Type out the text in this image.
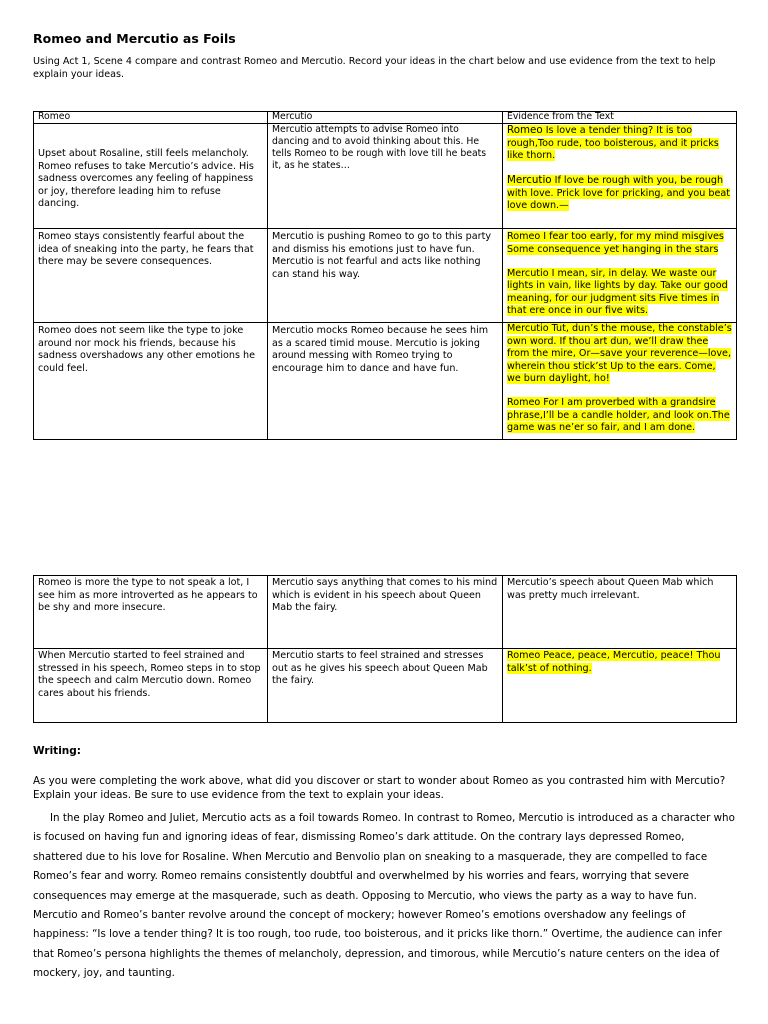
Romeo and Mercutio as Foils
Using Act 1, Scene 4 compare and contrast Romeo and Mercutio. Record your ideas in the chart below and use evidence from the text to help explain your ideas.
Romeo	Mercutio	Evidence from the Text
Upset about Rosaline, still feels melancholy. Romeo refuses to take Mercutio’s advice. His sadness overcomes any feeling of happiness or joy, therefore leading him to refuse dancing.	Mercutio attempts to advise Romeo into dancing and to avoid thinking about this. He tells Romeo to be rough with love till he beats it, as he states…	Romeo Is love a tender thing? It is too rough,Too rude, too boisterous, and it pricks like thorn.

Mercutio If love be rough with you, be rough with love. Prick love for pricking, and you beat love down.—

Romeo stays consistently fearful about the idea of sneaking into the party, he fears that there may be severe consequences.	Mercutio is pushing Romeo to go to this party and dismiss his emotions just to have fun. Mercutio is not fearful and acts like nothing can stand his way.	Romeo I fear too early, for my mind misgives Some consequence yet hanging in the stars

Mercutio I mean, sir, in delay. We waste our lights in vain, like lights by day. Take our good meaning, for our judgment sits Five times in that ere once in our five wits.

Romeo does not seem like the type to joke around nor mock his friends, because his sadness overshadows any other emotions he could feel.	Mercutio mocks Romeo because he sees him as a scared timid mouse. Mercutio is joking around messing with Romeo trying to encourage him to dance and have fun.	Mercutio Tut, dun’s the mouse, the constable’s own word. If thou art dun, we’ll draw thee from the mire, Or—save your reverence—love, wherein thou stick’st Up to the ears. Come, we burn daylight, ho!

Romeo For I am proverbed with a grandsire phrase,I’ll be a candle holder, and look on.The game was ne’er so fair, and I am done.

Romeo is more the type to not speak a lot, I see him as more introverted as he appears to be shy and more insecure.	Mercutio says anything that comes to his mind which is evident in his speech about Queen Mab the fairy.	Mercutio’s speech about Queen Mab which was pretty much irrelevant.
When Mercutio started to feel strained and stressed in his speech, Romeo steps in to stop the speech and calm Mercutio down. Romeo cares about his friends.	Mercutio starts to feel strained and stresses out as he gives his speech about Queen Mab the fairy.	Romeo Peace, peace, Mercutio, peace! Thou talk’st of nothing.
Writing:
As you were completing the work above, what did you discover or start to wonder about Romeo as you contrasted him with Mercutio? Explain your ideas. Be sure to use evidence from the text to explain your ideas.

In the play Romeo and Juliet, Mercutio acts as a foil towards Romeo. In contrast to Romeo, Mercutio is introduced as a character who is focused on having fun and ignoring ideas of fear, dismissing Romeo’s dark attitude. On the contrary lays depressed Romeo, shattered due to his love for Rosaline. When Mercutio and Benvolio plan on sneaking to a masquerade, they are compelled to face Romeo’s fear and worry. Romeo remains consistently doubtful and overwhelmed by his worries and fears, worrying that severe consequences may emerge at the masquerade, such as death. Opposing to Mercutio, who views the party as a way to have fun. Mercutio and Romeo’s banter revolve around the concept of mockery; however Romeo’s emotions overshadow any feelings of happiness: “Is love a tender thing? It is too rough, too rude, too boisterous, and it pricks like thorn.” Overtime, the audience can infer that Romeo’s persona highlights the themes of melancholy, depression, and timorous, while Mercutio’s nature centers on the idea of mockery, joy, and taunting.
